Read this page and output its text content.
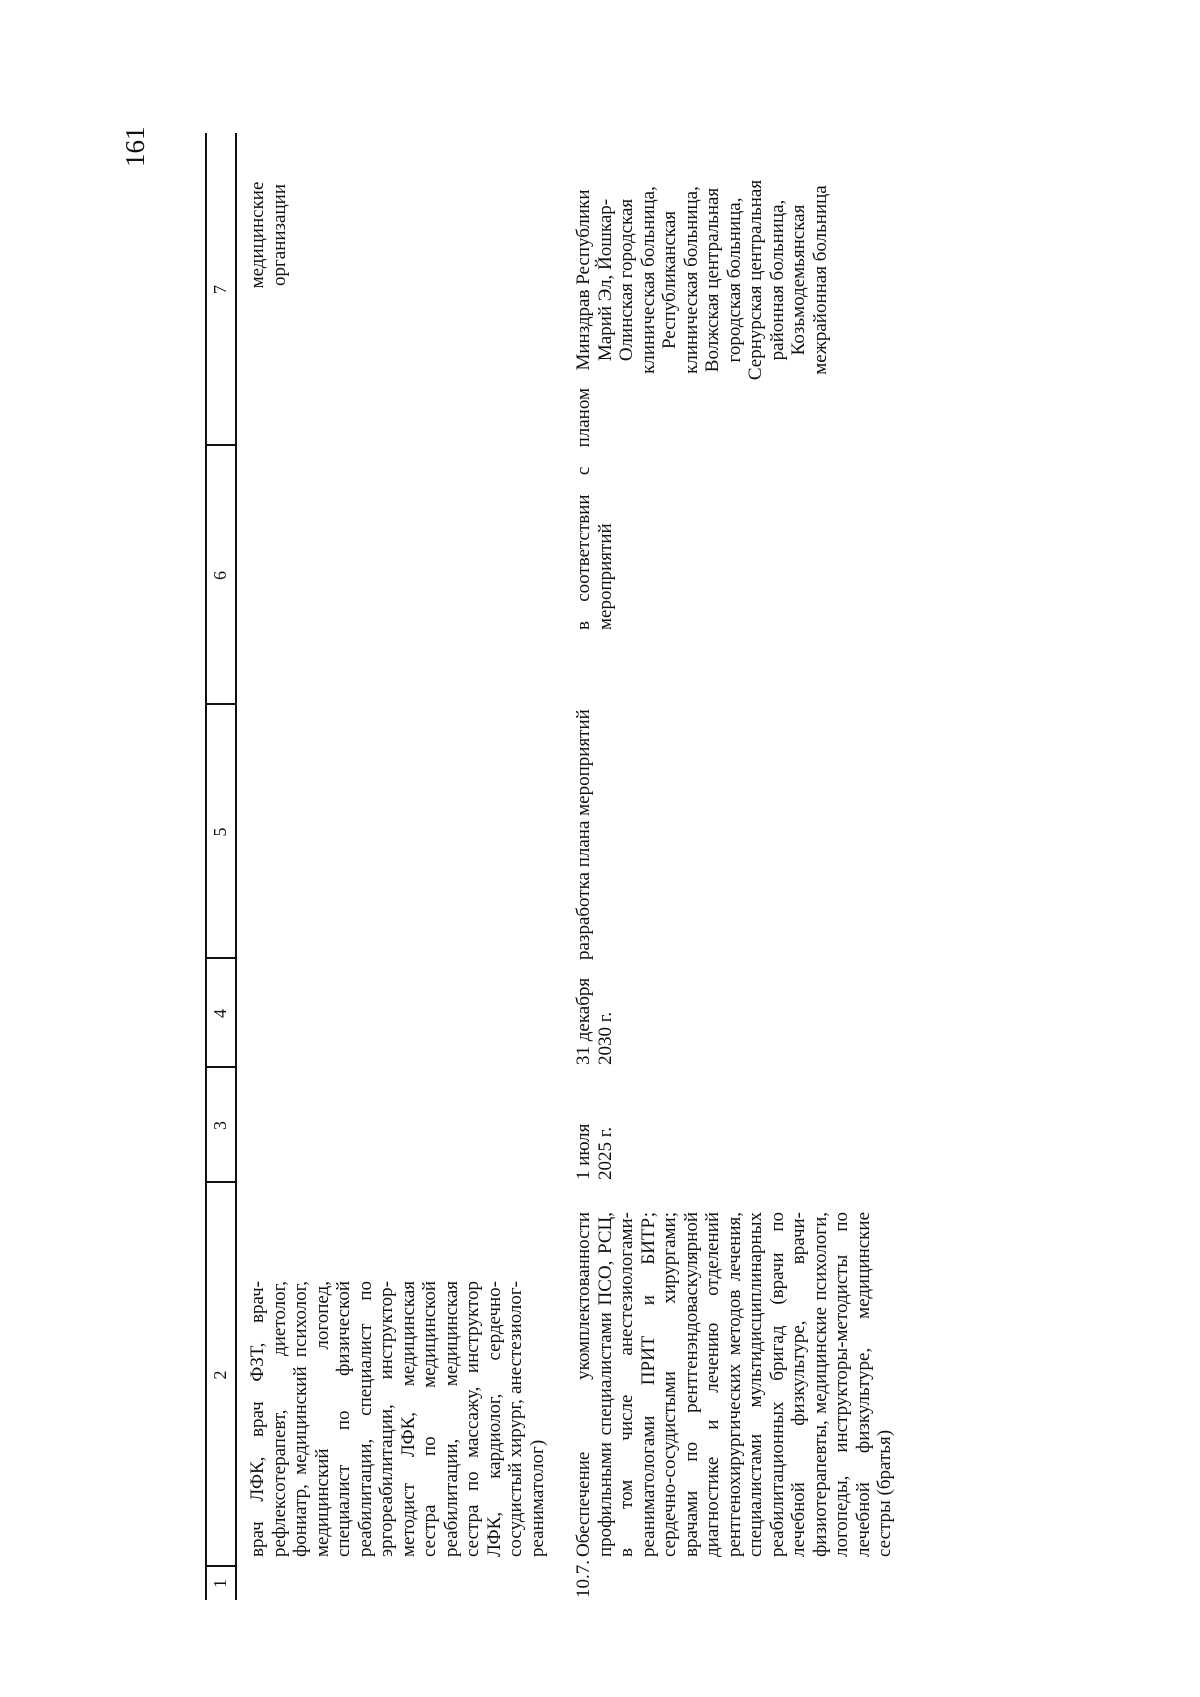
161
1
2
3
4
5
6
7
врач ЛФК, врач ФЗТ, врач-рефлексотерапевт, диетолог, фониатр, медицинский психолог, медицинский логопед, специалист по физической реабилитации, специалист по эргореабилитации, инструктор-методист ЛФК, медицинская сестра по медицинской реабилитации, медицинская сестра по массажу, инструктор ЛФК, кардиолог, сердечно-сосудистый хирург, анестезиолог-реаниматолог)
медицинские организации
10.7.
Обеспечение укомплектованности профильными специалистами ПСО, РСЦ, в том числе анестезиологами-реаниматологами ПРИТ и БИТР; сердечно-сосудистыми хирургами; врачами по рентгенэндоваскулярной диагностике и лечению отделений рентгенохирургических методов лечения, специалистами мультидисциплинарных реабилитационных бригад (врачи по лечебной физкультуре, врачи-физиотерапевты, медицинские психологи, логопеды, инструкторы-методисты по лечебной физкультуре, медицинские сестры (братья)
1 июля 2025 г.
31 декабря 2030 г.
разработка плана мероприятий
в соответствии с планом мероприятий
Минздрав Республики Марий Эл, Йошкар-Олинская городская клиническая больница, Республиканская клиническая больница, Волжская центральная городская больница, Сернурская центральная районная больница, Козьмодемьянская межрайонная больница
